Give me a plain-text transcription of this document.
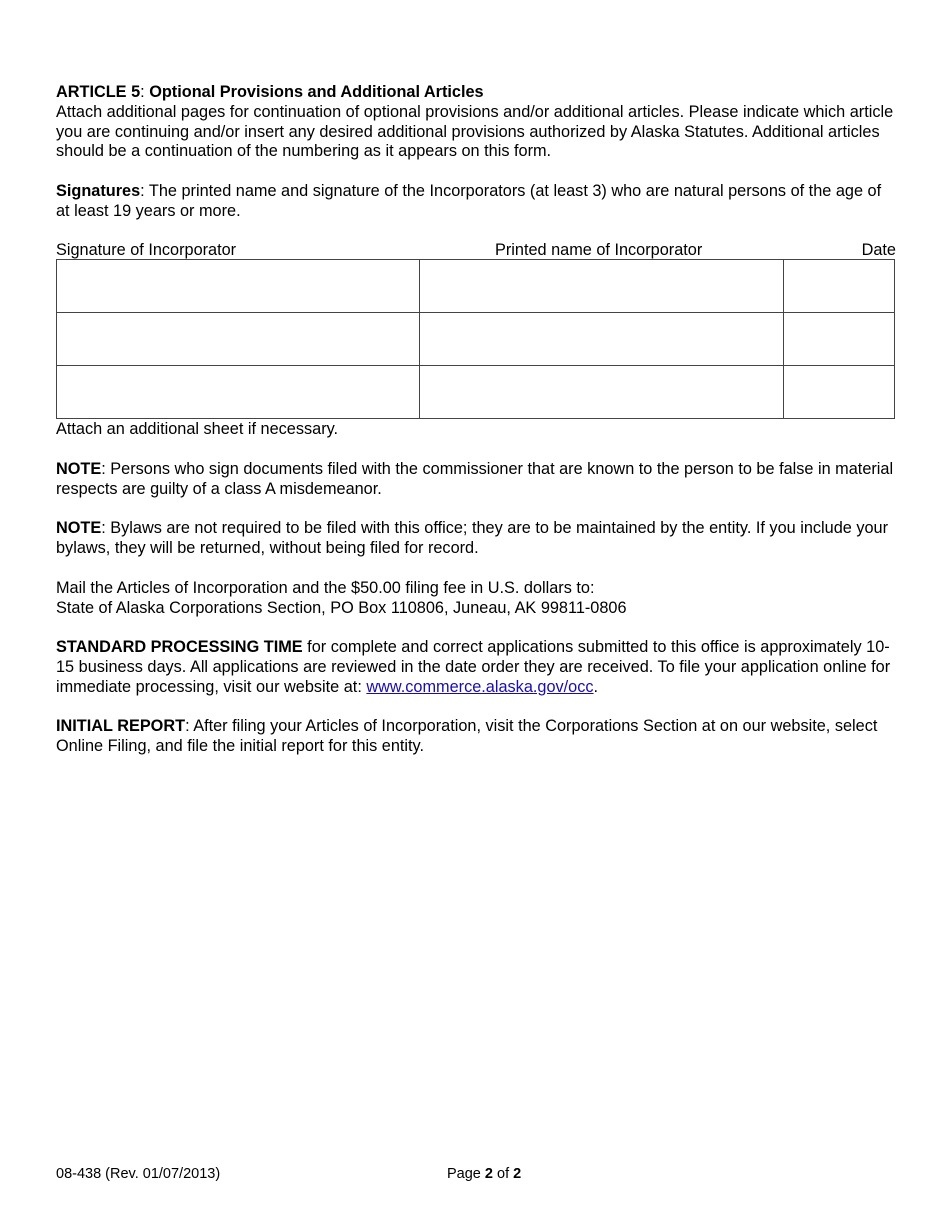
ARTICLE 5: Optional Provisions and Additional Articles

Attach additional pages for continuation of optional provisions and/or additional articles. Please indicate which article you are continuing and/or insert any desired additional provisions authorized by Alaska Statutes. Additional articles should be a continuation of the numbering as it appears on this form.

Signatures: The printed name and signature of the Incorporators (at least 3) who are natural persons of the age of at least 19 years or more.

Signature of Incorporator	Printed name of Incorporator	Date

Attach an additional sheet if necessary.

NOTE: Persons who sign documents filed with the commissioner that are known to the person to be false in material respects are guilty of a class A misdemeanor.

NOTE: Bylaws are not required to be filed with this office; they are to be maintained by the entity. If you include your bylaws, they will be returned, without being filed for record.

Mail the Articles of Incorporation and the $50.00 filing fee in U.S. dollars to:

State of Alaska Corporations Section, PO Box 110806, Juneau, AK 99811-0806

STANDARD PROCESSING TIME for complete and correct applications submitted to this office is approximately 10-15 business days. All applications are reviewed in the date order they are received. To file your application online for immediate processing, visit our website at: www.commerce.alaska.gov/occ.

INITIAL REPORT: After filing your Articles of Incorporation, visit the Corporations Section at on our website, select Online Filing, and file the initial report for this entity.

08-438 (Rev. 01/07/2013)	Page 2 of 2
